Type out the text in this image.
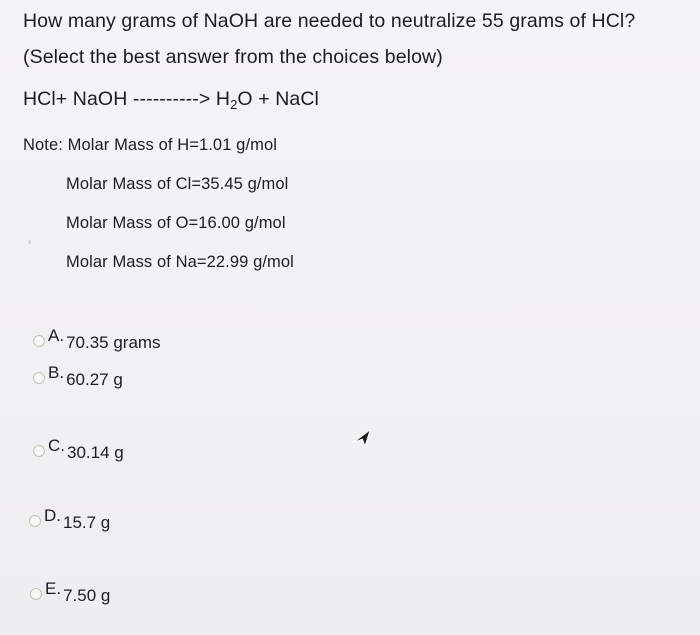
How many grams of NaOH are needed to neutralize 55 grams of HCl?
(Select the best answer from the choices below)
HCl+ NaOH ----------> $H_2O$ + NaCl
Note: Molar Mass of H=1.01 g/mol
Molar Mass of Cl=35.45 g/mol
Molar Mass of O=16.00 g/mol
Molar Mass of Na=22.99 g/mol
A. 70.35 grams
B. 60.27 g
C. 30.14 g
D. 15.7 g
E. 7.50 g
